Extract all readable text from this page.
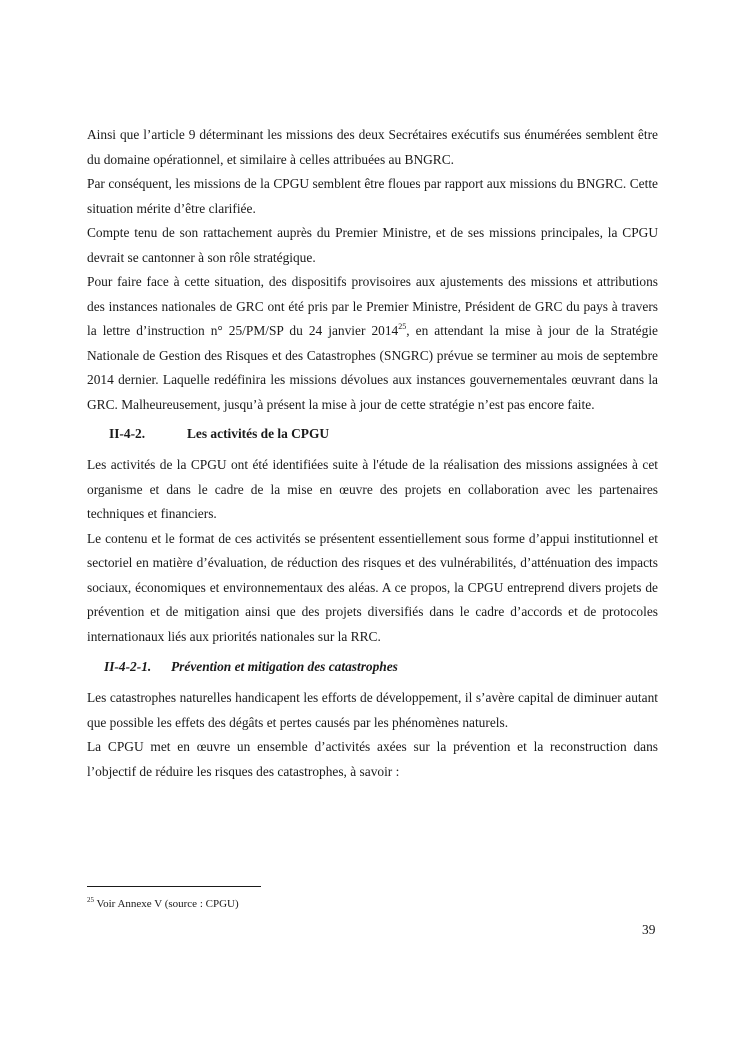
Ainsi que l’article 9 déterminant les missions des deux Secrétaires exécutifs sus énumérées semblent être du domaine opérationnel, et similaire à celles attribuées au BNGRC.

Par conséquent, les missions de la CPGU semblent être floues par rapport aux missions du BNGRC. Cette situation mérite d’être clarifiée.

Compte tenu de son rattachement auprès du Premier Ministre, et de ses missions principales, la CPGU devrait se cantonner à son rôle stratégique.

Pour faire face à cette situation, des dispositifs provisoires aux ajustements des missions et attributions des instances nationales de GRC ont été pris par le Premier Ministre, Président de GRC du pays à travers la lettre d’instruction n° 25/PM/SP du 24 janvier 2014$^{25}$, en attendant la mise à jour de la Stratégie Nationale de Gestion des Risques et des Catastrophes (SNGRC) prévue se terminer au mois de septembre 2014 dernier. Laquelle redéfinira les missions dévolues aux instances gouvernementales œuvrant dans la GRC. Malheureusement, jusqu’à présent la mise à jour de cette stratégie n’est pas encore faite.

II-4-2.	Les activités de la CPGU

Les activités de la CPGU ont été identifiées suite à l'étude de la réalisation des missions assignées à cet organisme et dans le cadre de la mise en œuvre des projets en collaboration avec les partenaires techniques et financiers.

Le contenu et le format de ces activités se présentent essentiellement sous forme d’appui institutionnel et sectoriel en matière d’évaluation, de réduction des risques et des vulnérabilités, d’atténuation des impacts sociaux, économiques et environnementaux des aléas. A ce propos, la CPGU entreprend divers projets de prévention et de mitigation ainsi que des projets diversifiés dans le cadre d’accords et de protocoles internationaux liés aux priorités nationales sur la RRC.

II-4-2-1. Prévention et mitigation des catastrophes

Les catastrophes naturelles handicapent les efforts de développement, il s’avère capital de diminuer autant que possible les effets des dégâts et pertes causés par les phénomènes naturels.

La CPGU met en œuvre un ensemble d’activités axées sur la prévention et la reconstruction dans l’objectif de réduire les risques des catastrophes, à savoir :

$^{25}$ Voir Annexe V (source : CPGU)
39
